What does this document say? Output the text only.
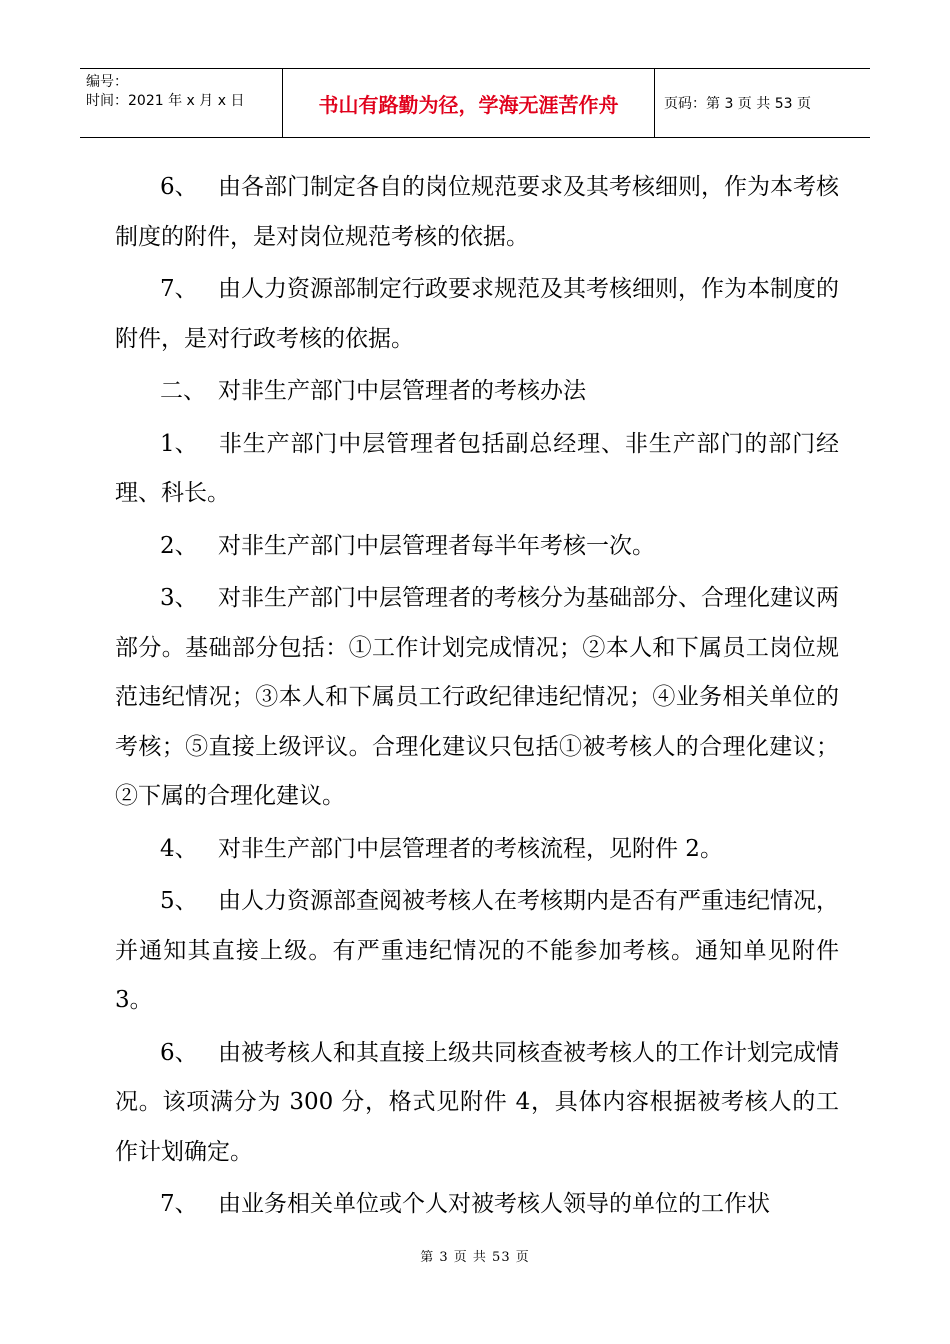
编号：
时间：2021 年 x 月 x 日	书山有路勤为径，学海无涯苦作舟	页码：第 3 页 共 53 页

6、 由各部门制定各自的岗位规范要求及其考核细则，作为本考核制度的附件，是对岗位规范考核的依据。

7、 由人力资源部制定行政要求规范及其考核细则，作为本制度的附件，是对行政考核的依据。

二、 对非生产部门中层管理者的考核办法

1、 非生产部门中层管理者包括副总经理、非生产部门的部门经理、科长。

2、 对非生产部门中层管理者每半年考核一次。

3、 对非生产部门中层管理者的考核分为基础部分、合理化建议两部分。基础部分包括：①工作计划完成情况；②本人和下属员工岗位规范违纪情况；③本人和下属员工行政纪律违纪情况；④业务相关单位的考核；⑤直接上级评议。合理化建议只包括①被考核人的合理化建议；②下属的合理化建议。

4、 对非生产部门中层管理者的考核流程，见附件 2。

5、 由人力资源部查阅被考核人在考核期内是否有严重违纪情况，并通知其直接上级。有严重违纪情况的不能参加考核。通知单见附件 3。

6、 由被考核人和其直接上级共同核查被考核人的工作计划完成情况。该项满分为 300 分，格式见附件 4，具体内容根据被考核人的工作计划确定。

7、 由业务相关单位或个人对被考核人领导的单位的工作状

第 3 页 共 53 页
